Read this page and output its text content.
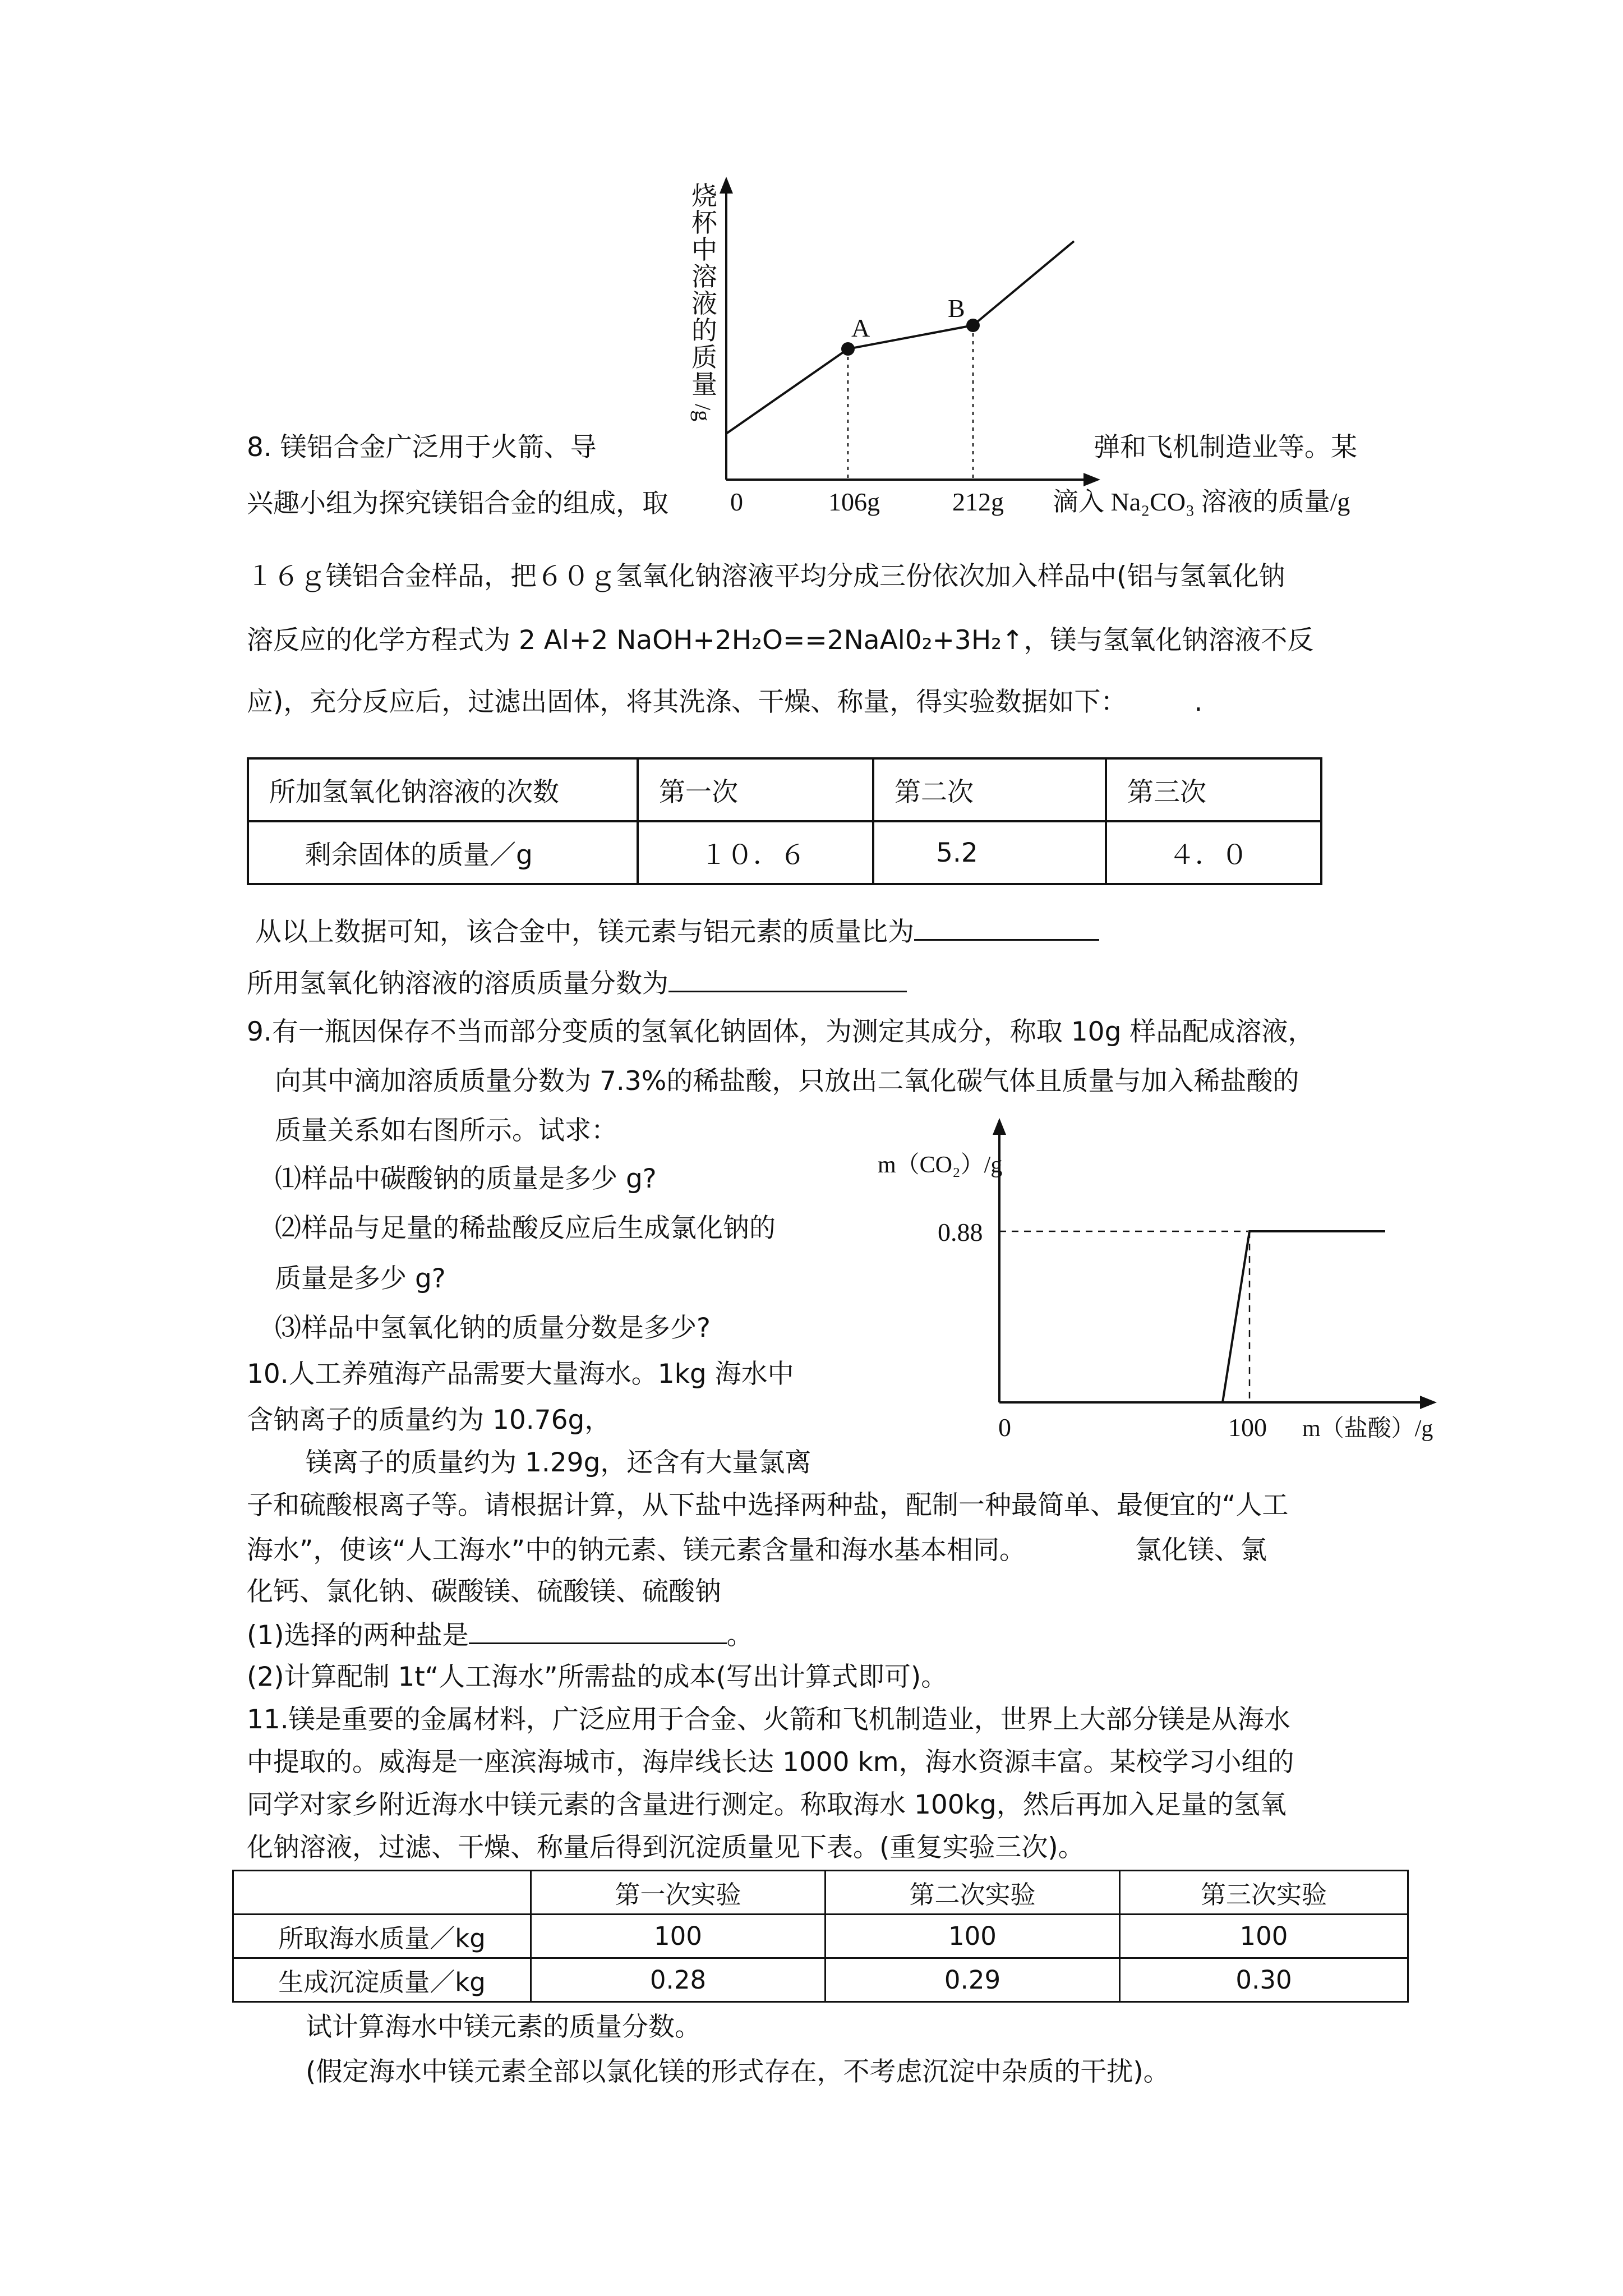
A
B
0	106g	212g 滴入 Na₂CO₃ 溶液的质量/g
烧
杯
中
溶
液
的
质
量
/g
8. 镁铝合金广泛用于火箭、导	弹和飞机制造业等。某
兴趣小组为探究镁铝合金的组成，取
１６ｇ镁铝合金样品，把６０ｇ氢氧化钠溶液平均分成三份依次加入样品中(铝与氢氧化钠
溶反应的化学方程式为 2 Al+2 NaOH+2H₂O==2NaAl0₂+3H₂↑，镁与氢氧化钠溶液不反
应)，充分反应后，过滤出固体，将其洗涤、干燥、称量，得实验数据如下：	.
所加氢氧化钠溶液的次数	第一次	第二次	第三次
剩余固体的质量／g	１０．６	5.2	４．０
从以上数据可知，该合金中，镁元素与铝元素的质量比为
所用氢氧化钠溶液的溶质质量分数为
9.有一瓶因保存不当而部分变质的氢氧化钠固体，为测定其成分，称取 10g 样品配成溶液，
向其中滴加溶质质量分数为 7.3%的稀盐酸，只放出二氧化碳气体且质量与加入稀盐酸的
质量关系如右图所示。试求：
⑴样品中碳酸钠的质量是多少 g?
⑵样品与足量的稀盐酸反应后生成氯化钠的
质量是多少 g?
⑶样品中氢氧化钠的质量分数是多少?
m（CO₂）/g
0.88
0	100 m（盐酸）/g
10.人工养殖海产品需要大量海水。1kg 海水中
含钠离子的质量约为 10.76g，
镁离子的质量约为 1.29g，还含有大量氯离
子和硫酸根离子等。请根据计算，从下盐中选择两种盐，配制一种最简单、最便宜的“人工
海水”，使该“人工海水”中的钠元素、镁元素含量和海水基本相同。	氯化镁、氯
化钙、氯化钠、碳酸镁、硫酸镁、硫酸钠
(1)选择的两种盐是	。
(2)计算配制 1t“人工海水”所需盐的成本(写出计算式即可)。
11.镁是重要的金属材料，广泛应用于合金、火箭和飞机制造业，世界上大部分镁是从海水
中提取的。威海是一座滨海城市，海岸线长达 1000 km，海水资源丰富。某校学习小组的
同学对家乡附近海水中镁元素的含量进行测定。称取海水 100kg，然后再加入足量的氢氧
化钠溶液，过滤、干燥、称量后得到沉淀质量见下表。(重复实验三次)。
	第一次实验	第二次实验	第三次实验
所取海水质量／kg	100	100	100
生成沉淀质量／kg	0.28	0.29	0.30
试计算海水中镁元素的质量分数。
(假定海水中镁元素全部以氯化镁的形式存在，不考虑沉淀中杂质的干扰)。
